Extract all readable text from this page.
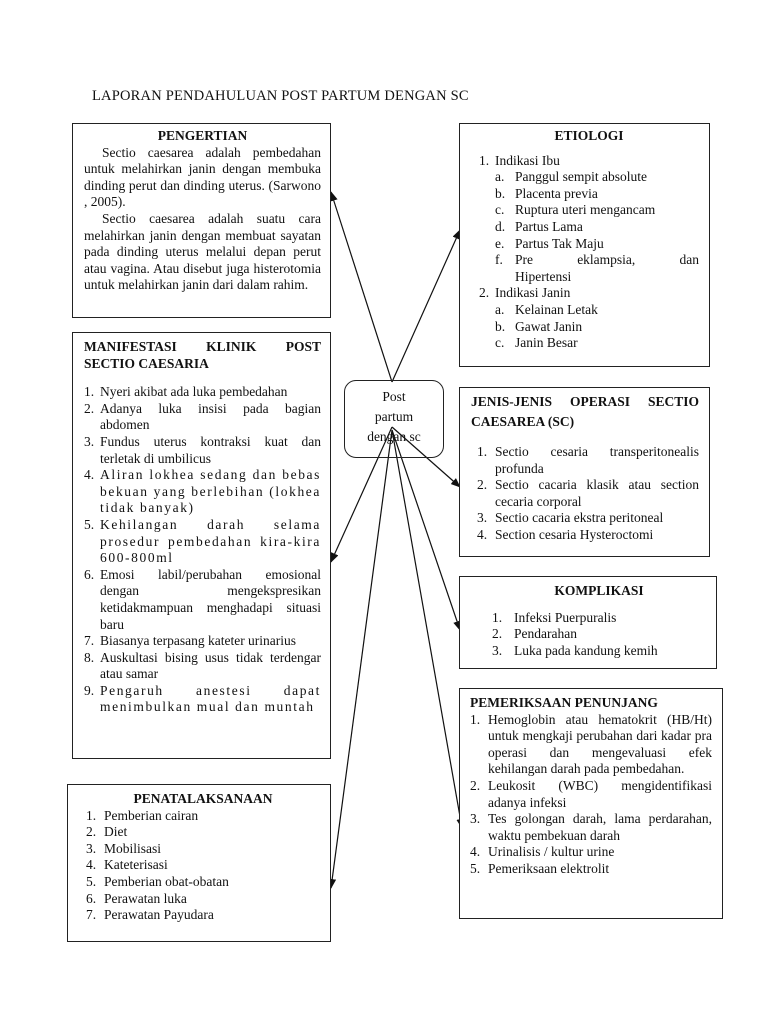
LAPORAN PENDAHULUAN POST PARTUM DENGAN SC
Post
partum
dengan sc
PENGERTIAN
Sectio caesarea adalah pembedahan untuk melahirkan janin dengan membuka dinding perut dan dinding uterus. (Sarwono , 2005).
Sectio caesarea adalah suatu cara melahirkan janin dengan membuat sayatan pada dinding uterus melalui depan perut atau vagina. Atau disebut juga histerotomia untuk melahirkan janin dari dalam rahim.
MANIFESTASI KLINIK POST SECTIO CAESARIA
1. Nyeri akibat ada luka pembedahan
2. Adanya luka insisi pada bagian abdomen
3. Fundus uterus kontraksi kuat dan terletak di umbilicus
4. Aliran lokhea sedang dan bebas bekuan yang berlebihan (lokhea tidak banyak)
5. Kehilangan darah selama prosedur pembedahan kira-kira 600-800ml
6. Emosi labil/perubahan emosional dengan mengekspresikan ketidakmampuan menghadapi situasi baru
7. Biasanya terpasang kateter urinarius
8. Auskultasi bising usus tidak terdengar atau samar
9. Pengaruh anestesi dapat menimbulkan mual dan muntah
PENATALAKSANAAN
1. Pemberian cairan
2. Diet
3. Mobilisasi
4. Kateterisasi
5. Pemberian obat-obatan
6. Perawatan luka
7. Perawatan Payudara
ETIOLOGI
1. Indikasi Ibu
a. Panggul sempit absolute
b. Placenta previa
c. Ruptura uteri mengancam
d. Partus Lama
e. Partus Tak Maju
f. Pre eklampsia, dan Hipertensi
2. Indikasi Janin
a. Kelainan Letak
b. Gawat Janin
c. Janin Besar
JENIS-JENIS OPERASI SECTIO CAESAREA (SC)
1. Sectio cesaria transperitonealis profunda
2. Sectio cacaria klasik atau section cecaria corporal
3. Sectio cacaria ekstra peritoneal
4. Section cesaria Hysteroctomi
KOMPLIKASI
1. Infeksi Puerpuralis
2. Pendarahan
3. Luka pada kandung kemih
PEMERIKSAAN PENUNJANG
1. Hemoglobin atau hematokrit (HB/Ht) untuk mengkaji perubahan dari kadar pra operasi dan mengevaluasi efek kehilangan darah pada pembedahan.
2. Leukosit (WBC) mengidentifikasi adanya infeksi
3. Tes golongan darah, lama perdarahan, waktu pembekuan darah
4. Urinalisis / kultur urine
5. Pemeriksaan elektrolit
